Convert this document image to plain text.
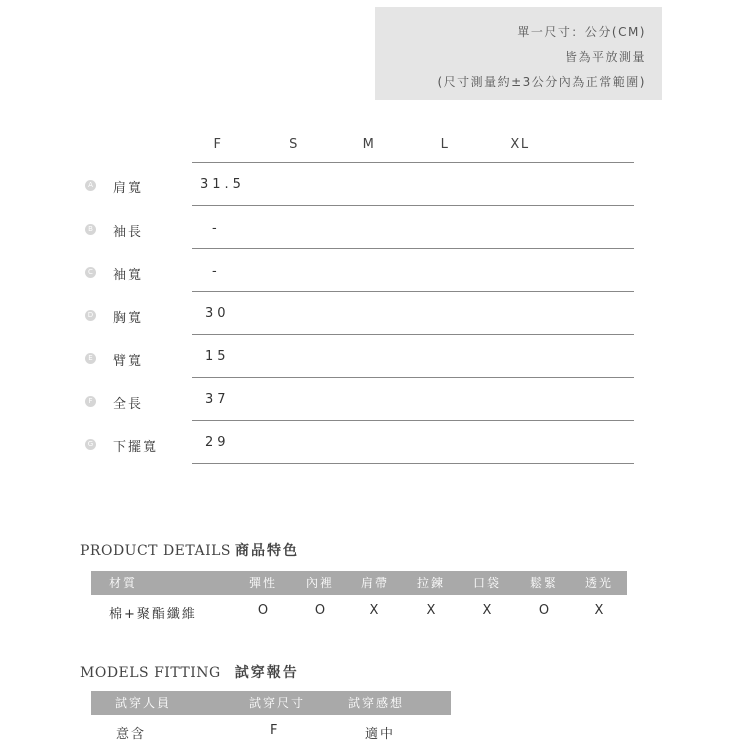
單一尺寸：公分(CM)
皆為平放測量
(尺寸測量約±3公分內為正常範圍)
F	S	M	L	XL
A 肩寬	31.5
B 袖長	-
C 袖寬	-
D 胸寬	30
E 臂寬	15
F 全長	37
G 下擺寬	29
PRODUCT DETAILS 商品特色
材質	彈性 內裡 肩帶 拉鍊 口袋 鬆緊 透光
棉+聚酯纖維	O	O	X	X	X	O	X
MODELS FITTING 試穿報告
試穿人員	試穿尺寸	試穿感想
意含	F	適中
